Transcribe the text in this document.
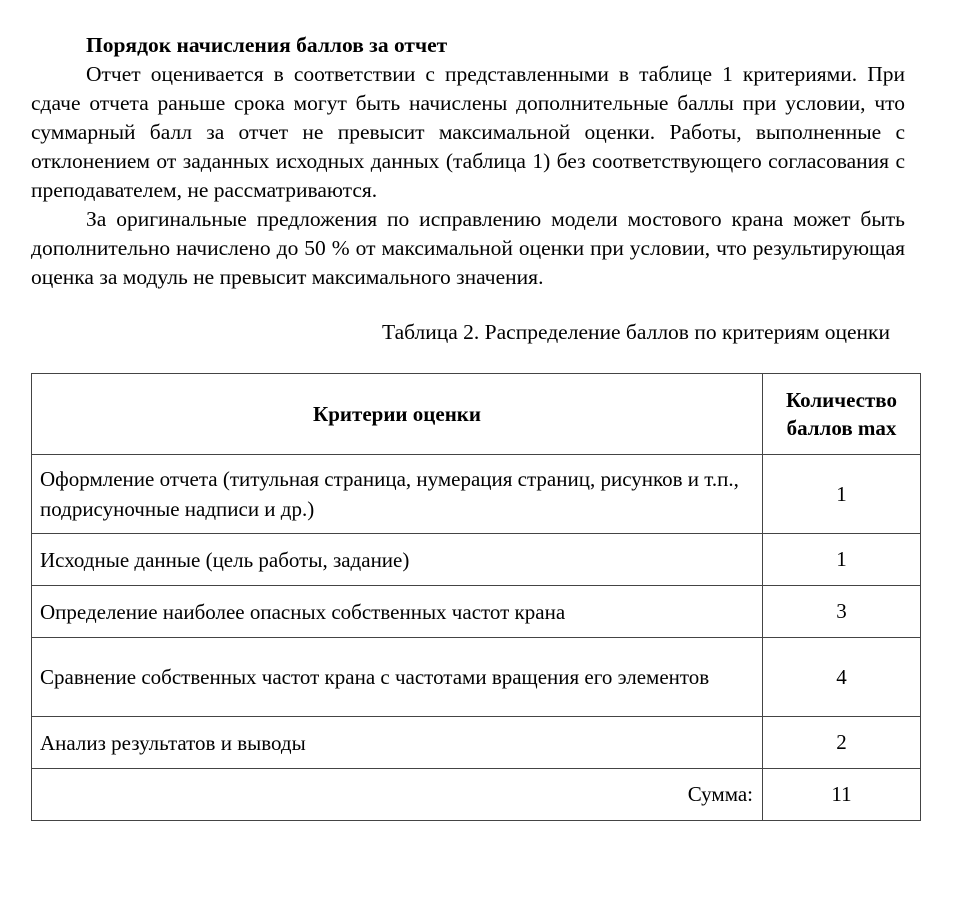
Порядок начисления баллов за отчет

Отчет оценивается в соответствии с представленными в таблице 1 критериями. При сдаче отчета раньше срока могут быть начислены дополнительные баллы при условии, что суммарный балл за отчет не превысит максимальной оценки. Работы, выполненные с отклонением от заданных исходных данных (таблица 1) без соответствующего согласования с преподавателем, не рассматриваются.

За оригинальные предложения по исправлению модели мостового крана может быть дополнительно начислено до 50 % от максимальной оценки при условии, что результирующая оценка за модуль не превысит максимального значения.

Таблица 2. Распределение баллов по критериям оценки
Критерии оценки	Количество баллов max
Оформление отчета (титульная страница, нумерация страниц, рисунков и т.п., подрисуночные надписи и др.)	1
Исходные данные (цель работы, задание)	1
Определение наиболее опасных собственных частот крана	3
Сравнение собственных частот крана с частотами вращения его элементов	4
Анализ результатов и выводы	2
Сумма:	11
